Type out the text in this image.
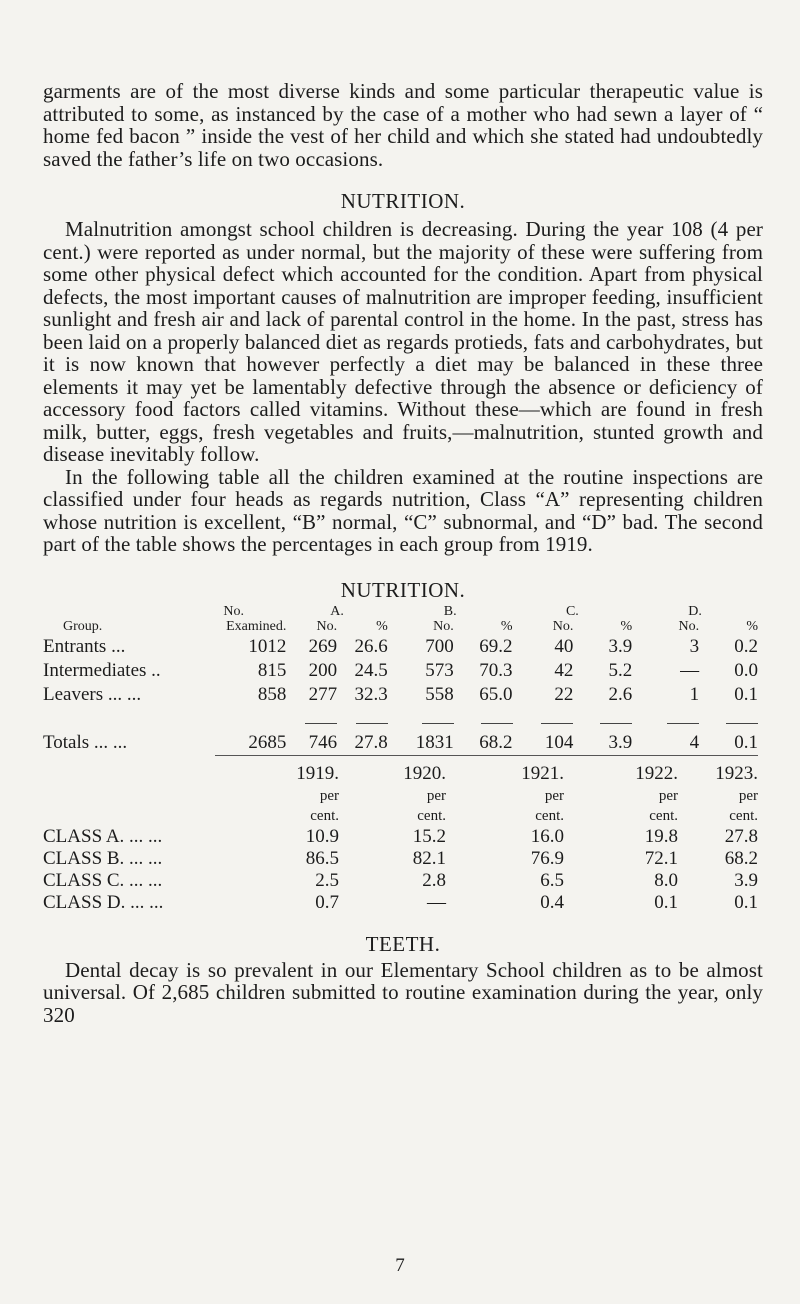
garments are of the most diverse kinds and some particular therapeutic value is attributed to some, as instanced by the case of a mother who had sewn a layer of “ home fed bacon ” inside the vest of her child and which she stated had undoubtedly saved the father’s life on two occasions.

NUTRITION.

Malnutrition amongst school children is decreasing. During the year 108 (4 per cent.) were reported as under normal, but the majority of these were suffering from some other physical defect which accounted for the condition. Apart from physical defects, the most important causes of malnutrition are improper feeding, insufficient sunlight and fresh air and lack of parental control in the home. In the past, stress has been laid on a properly balanced diet as regards protieds, fats and carbohydrates, but it is now known that however perfectly a diet may be balanced in these three elements it may yet be lamentably defective through the absence or deficiency of accessory food factors called vitamins. Without these—which are found in fresh milk, butter, eggs, fresh vegetables and fruits,—malnutrition, stunted growth and disease inevitably follow.

In the following table all the children examined at the routine inspections are classified under four heads as regards nutrition, Class “A” representing children whose nutrition is excellent, “B” normal, “C” subnormal, and “D” bad. The second part of the table shows the percentages in each group from 1919.

NUTRITION.
	No.	A.		B.		C.		D.	
Group.	Examined.	No.	%	No.	%	No.	%	No.	%
Entrants ...	1012	269	26.6	700	69.2	40	3.9	3	0.2
Intermediates ..	815	200	24.5	573	70.3	42	5.2	—	0.0
Leavers ... ...	858	277	32.3	558	65.0	22	2.6	1	0.1

Totals ... ...	2685	746	27.8	1831	68.2	104	3.9	4	0.1
	1919.	1920.	1921.	1922.	1923.
	per	per	per	per	per
	cent.	cent.	cent.	cent.	cent.
CLASS A. ... ...	10.9	15.2	16.0	19.8	27.8
CLASS B. ... ...	86.5	82.1	76.9	72.1	68.2
CLASS C. ... ...	2.5	2.8	6.5	8.0	3.9
CLASS D. ... ...	0.7	—	0.4	0.1	0.1
TEETH.

Dental decay is so prevalent in our Elementary School children as to be almost universal. Of 2,685 children submitted to routine examination during the year, only 320

7
